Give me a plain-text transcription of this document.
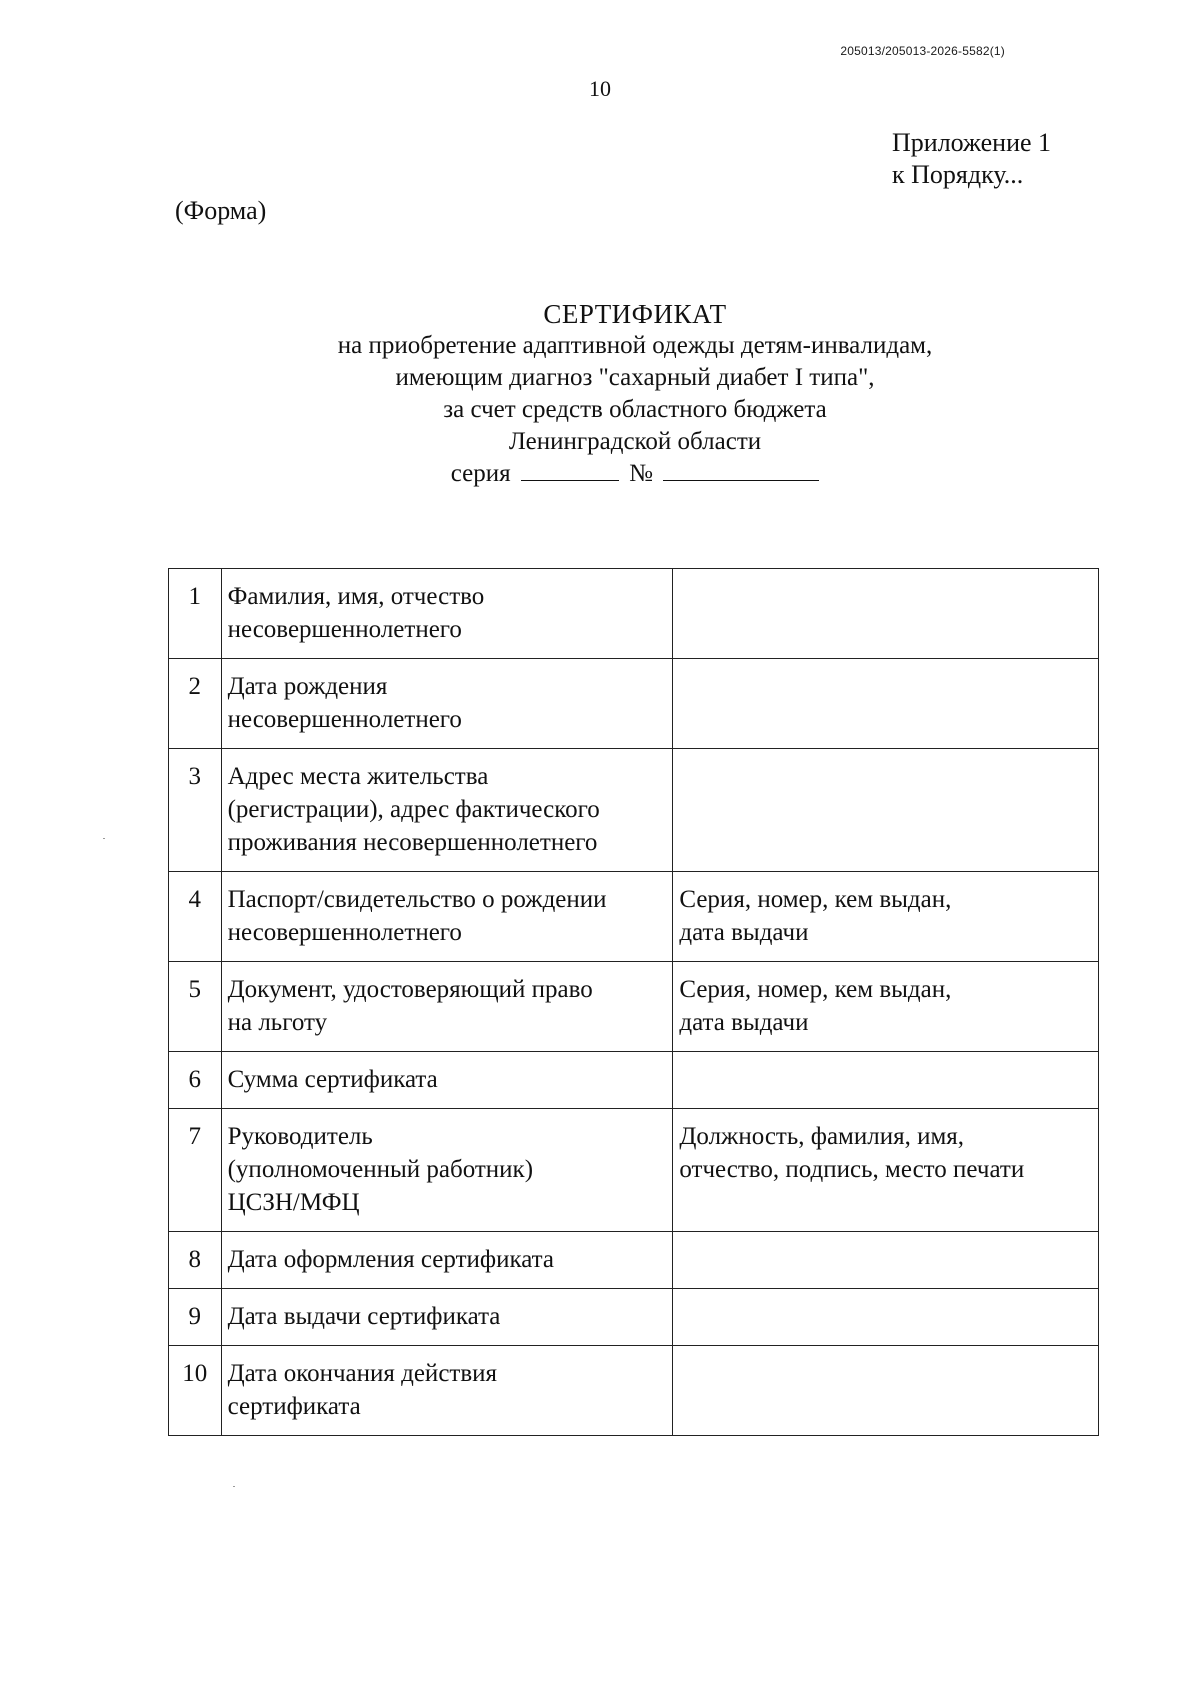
205013/205013-2026-5582(1)
10
Приложение 1
к Порядку...
(Форма)
СЕРТИФИКАТ
на приобретение адаптивной одежды детям-инвалидам,
имеющим диагноз "сахарный диабет I типа",
за счет средств областного бюджета
Ленинградской области
серия	№
1	Фамилия, имя, отчество
несовершеннолетнего	
2	Дата рождения
несовершеннолетнего	
3	Адрес места жительства
(регистрации), адрес фактического
проживания несовершеннолетнего	
4	Паспорт/свидетельство о рождении
несовершеннолетнего	Серия, номер, кем выдан,
дата выдачи
5	Документ, удостоверяющий право
на льготу	Серия, номер, кем выдан,
дата выдачи
6	Сумма сертификата	
7	Руководитель
(уполномоченный работник)
ЦСЗН/МФЦ	Должность, фамилия, имя,
отчество, подпись, место печати
8	Дата оформления сертификата	
9	Дата выдачи сертификата	
10	Дата окончания действия
сертификата	
